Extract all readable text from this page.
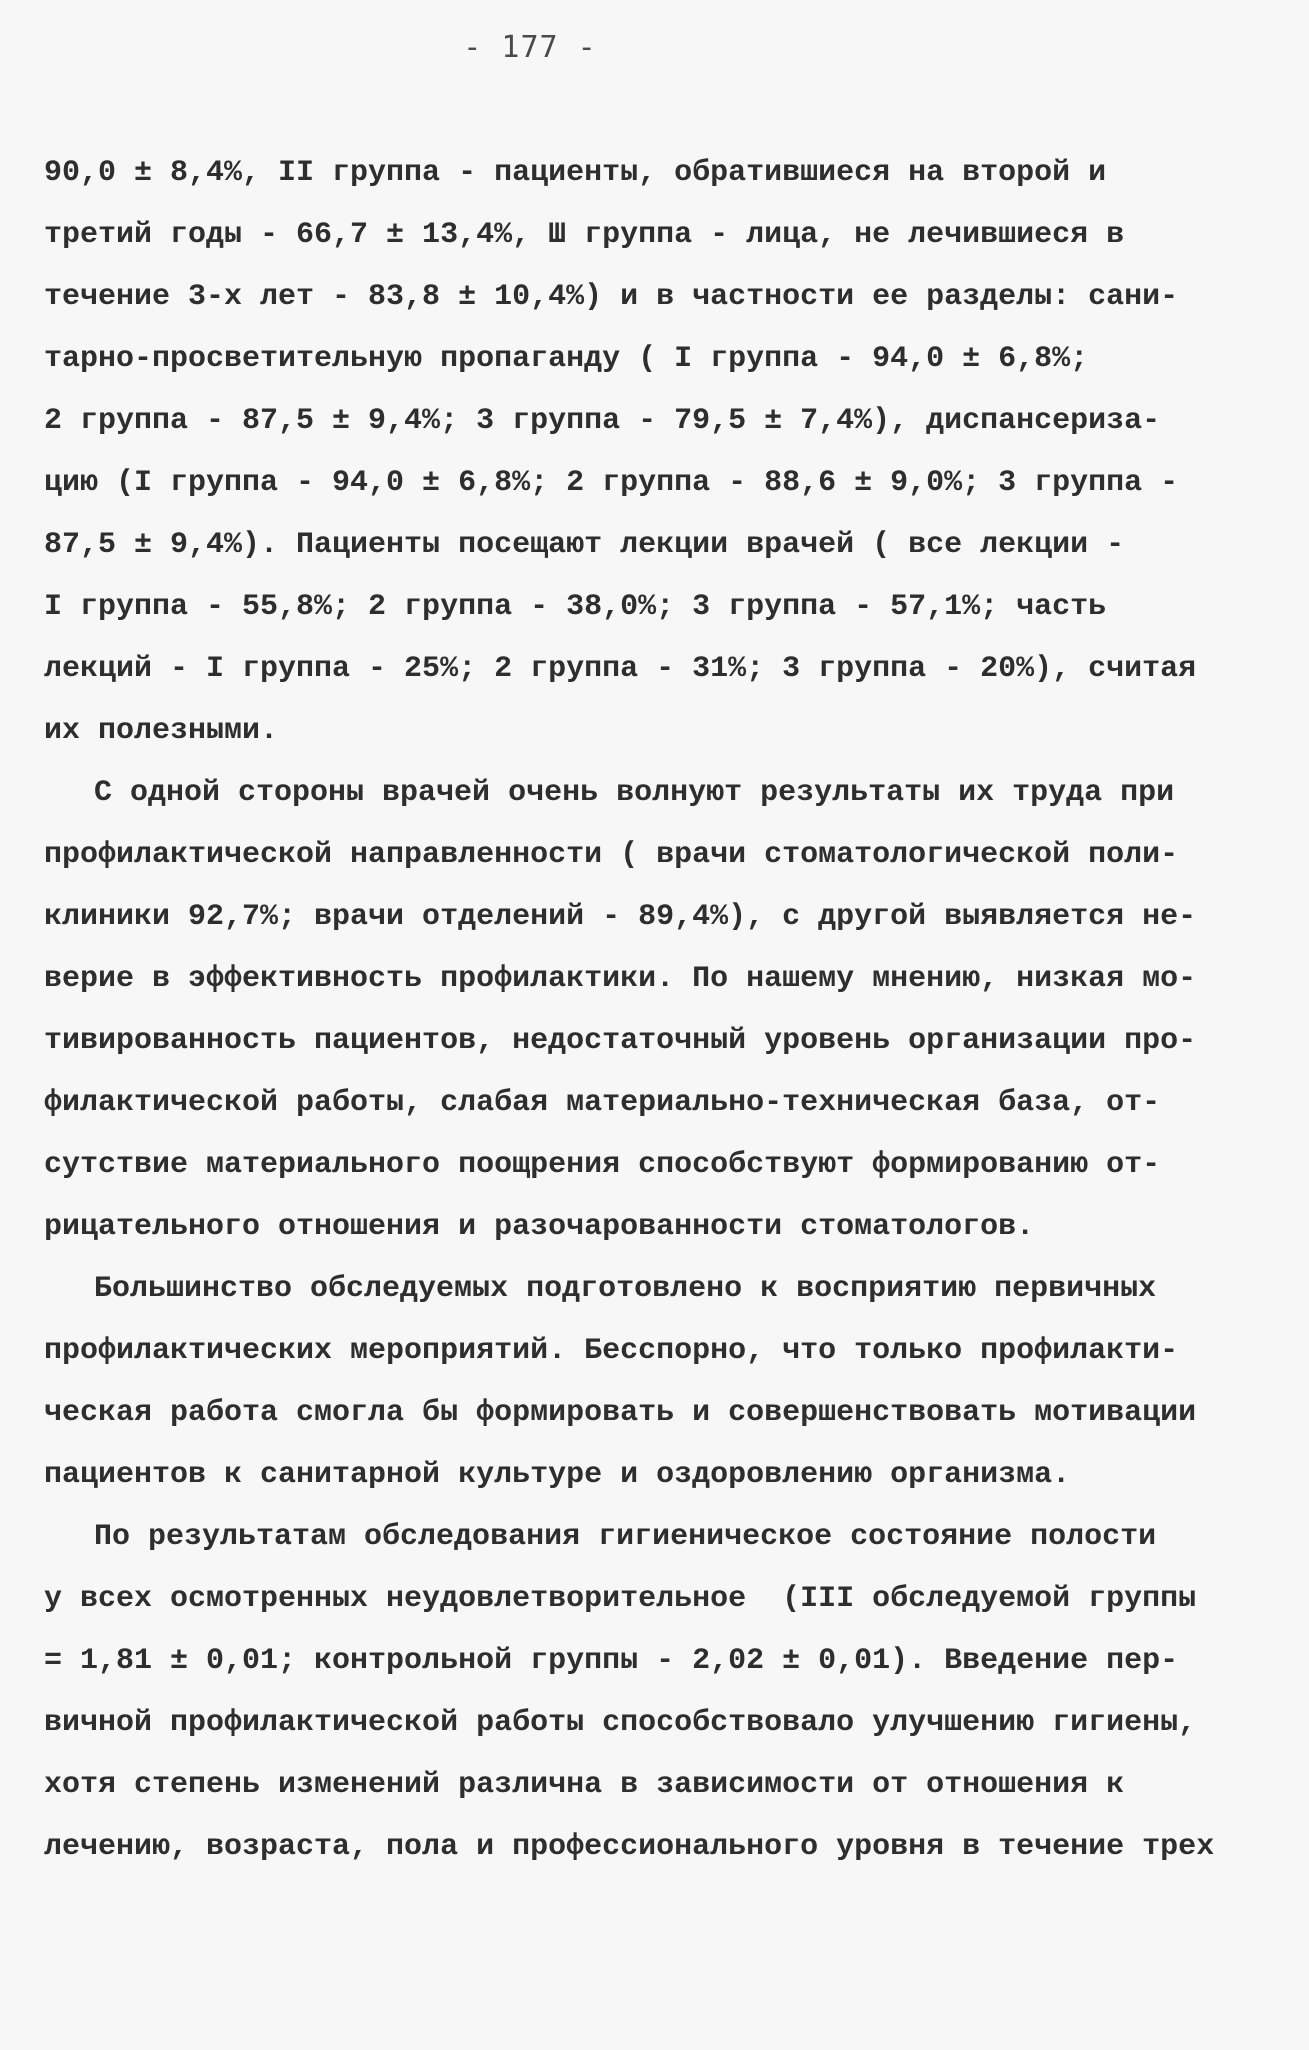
- 177 -
90,0 ± 8,4%, II группа - пациенты, обратившиеся на второй и
третий годы - 66,7 ± 13,4%, Ш группа - лица, не лечившиеся в
течение 3-х лет - 83,8 ± 10,4%) и в частности ее разделы: сани-
тарно-просветительную пропаганду ( I группа - 94,0 ± 6,8%;
2 группа - 87,5 ± 9,4%; 3 группа - 79,5 ± 7,4%), диспансериза-
цию (I группа - 94,0 ± 6,8%; 2 группа - 88,6 ± 9,0%; 3 группа -
87,5 ± 9,4%). Пациенты посещают лекции врачей ( все лекции -
I группа - 55,8%; 2 группа - 38,0%; 3 группа - 57,1%; часть
лекций - I группа - 25%; 2 группа - 31%; 3 группа - 20%), считая
их полезными.
С одной стороны врачей очень волнуют результаты их труда при
профилактической направленности ( врачи стоматологической поли-
клиники 92,7%; врачи отделений - 89,4%), с другой выявляется не-
верие в эффективность профилактики. По нашему мнению, низкая мо-
тивированность пациентов, недостаточный уровень организации про-
филактической работы, слабая материально-техническая база, от-
сутствие материального поощрения способствуют формированию от-
рицательного отношения и разочарованности стоматологов.
Большинство обследуемых подготовлено к восприятию первичных
профилактических мероприятий. Бесспорно, что только профилакти-
ческая работа смогла бы формировать и совершенствовать мотивации
пациентов к санитарной культуре и оздоровлению организма.
По результатам обследования гигиеническое состояние полости
у всех осмотренных неудовлетворительное  (III обследуемой группы
= 1,81 ± 0,01; контрольной группы - 2,02 ± 0,01). Введение пер-
вичной профилактической работы способствовало улучшению гигиены,
хотя степень изменений различна в зависимости от отношения к
лечению, возраста, пола и профессионального уровня в течение трех
